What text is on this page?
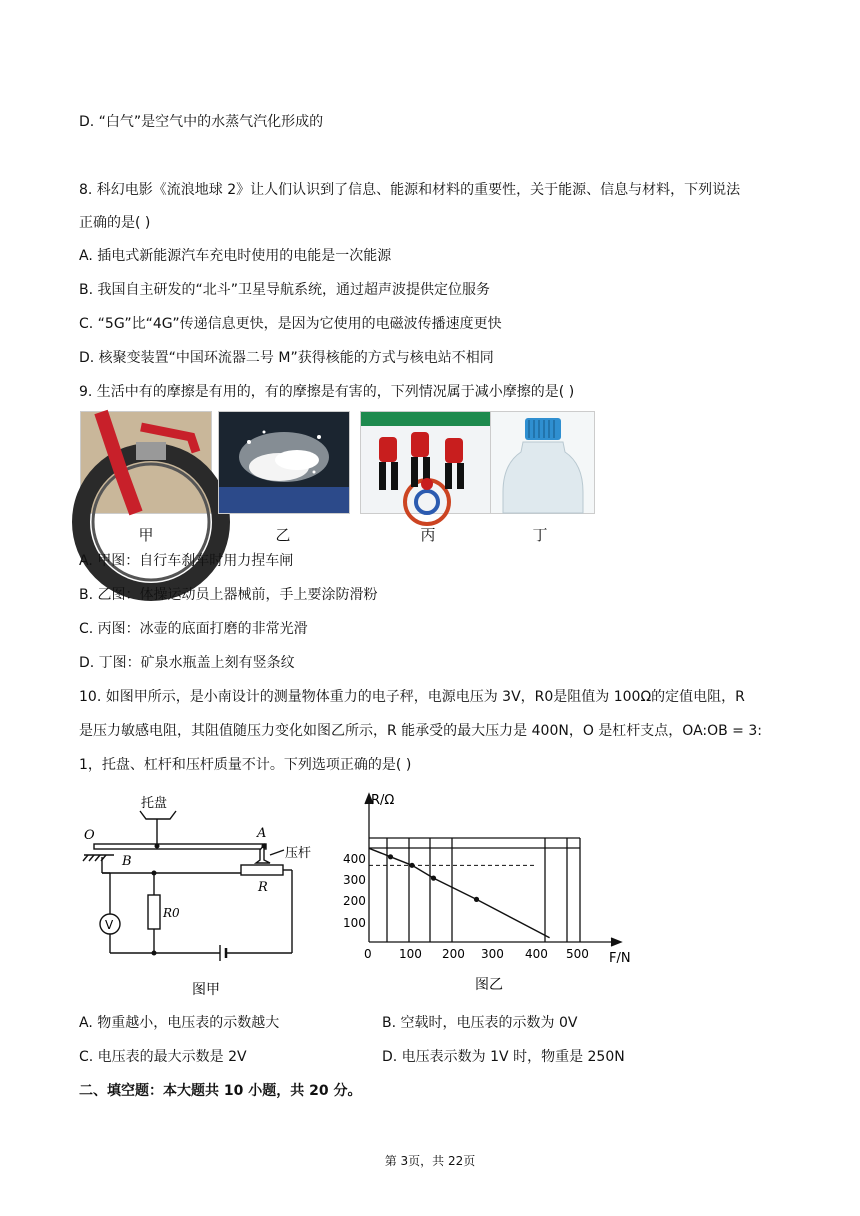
D. “白气”是空气中的水蒸气汽化形成的
8. 科幻电影《流浪地球 2》让人们认识到了信息、能源和材料的重要性，关于能源、信息与材料，下列说法
正确的是( )
A. 插电式新能源汽车充电时使用的电能是一次能源
B. 我国自主研发的“北斗”卫星导航系统，通过超声波提供定位服务
C. “5G”比“4G”传递信息更快，是因为它使用的电磁波传播速度更快
D. 核聚变装置“中国环流器二号 M”获得核能的方式与核电站不相同
9. 生活中有的摩擦是有用的，有的摩擦是有害的，下列情况属于减小摩擦的是( )
甲	乙	丙	丁
A. 甲图：自行车刹车时用力捏车闸
B. 乙图：体操运动员上器械前，手上要涂防滑粉
C. 丙图：冰壶的底面打磨的非常光滑
D. 丁图：矿泉水瓶盖上刻有竖条纹
10. 如图甲所示，是小南设计的测量物体重力的电子秤，电源电压为 3V，R0是阻值为 100Ω的定值电阻，R
是压力敏感电阻，其阻值随压力变化如图乙所示，R 能承受的最大压力是 400N，O 是杠杆支点，OA:OB = 3:
1，托盘、杠杆和压杆质量不计。下列选项正确的是( )
托盘
压杆
O	A
B
R
R0
V
图甲
R/Ω
F/N
0 100 200 300 400 500
100
200
300
400
图乙
A. 物重越小，电压表的示数越大	B. 空载时，电压表的示数为 0V
C. 电压表的最大示数是 2V	D. 电压表示数为 1V 时，物重是 250N
二、填空题：本大题共 10 小题，共 20 分。
第 3页，共 22页
